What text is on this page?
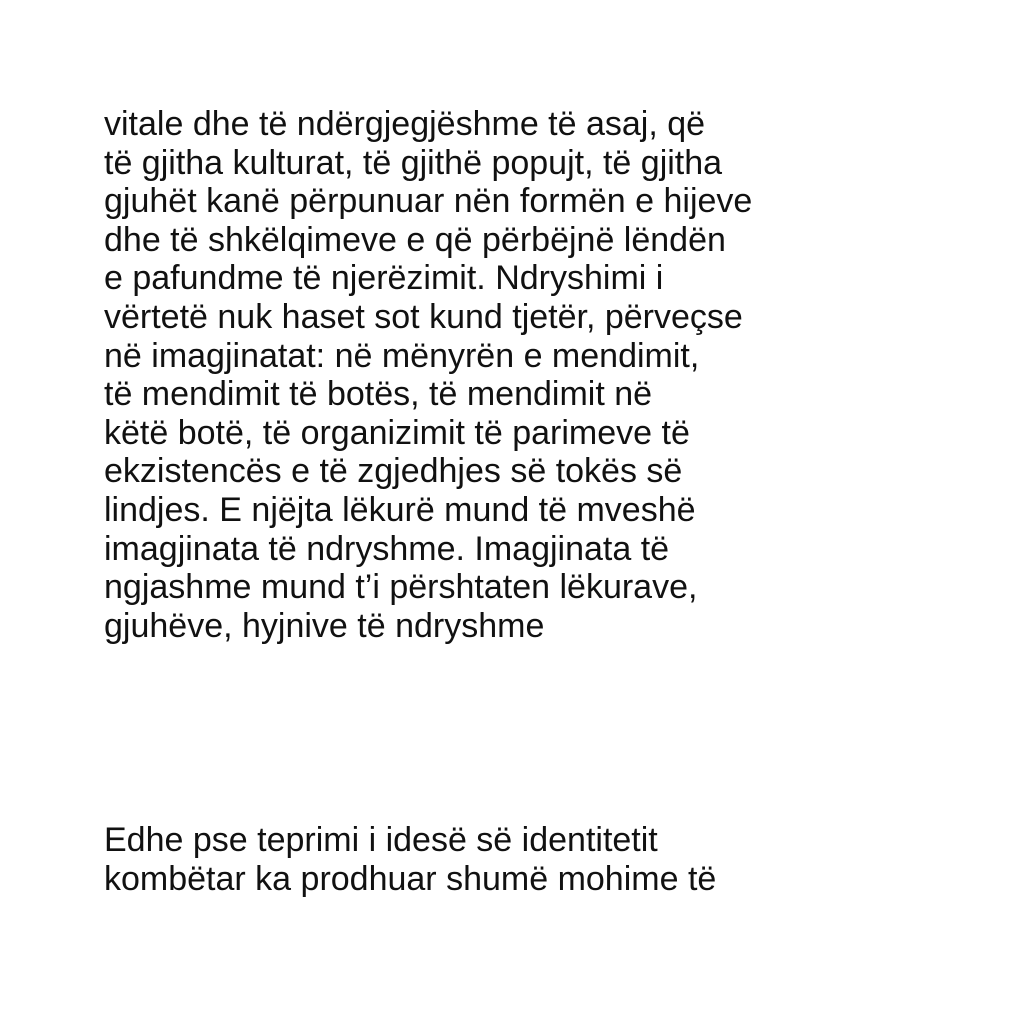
vitale dhe të ndërgjegjëshme të asaj, që
të gjitha kulturat, të gjithë popujt, të gjitha
gjuhët kanë përpunuar nën formën e hijeve
dhe të shkëlqimeve e që përbëjnë lëndën
e pafundme të njerëzimit. Ndryshimi i
vërtetë nuk haset sot kund tjetër, përveçse
në imagjinatat: në mënyrën e mendimit,
të mendimit të botës, të mendimit në
këtë botë, të organizimit të parimeve të
ekzistencës e të zgjedhjes së tokës së
lindjes. E njëjta lëkurë mund të mveshë
imagjinata të ndryshme. Imagjinata të
ngjashme mund t’i përshtaten lëkurave,
gjuhëve, hyjnive të ndryshme
Edhe pse teprimi i idesë së identitetit
kombëtar ka prodhuar shumë mohime të
